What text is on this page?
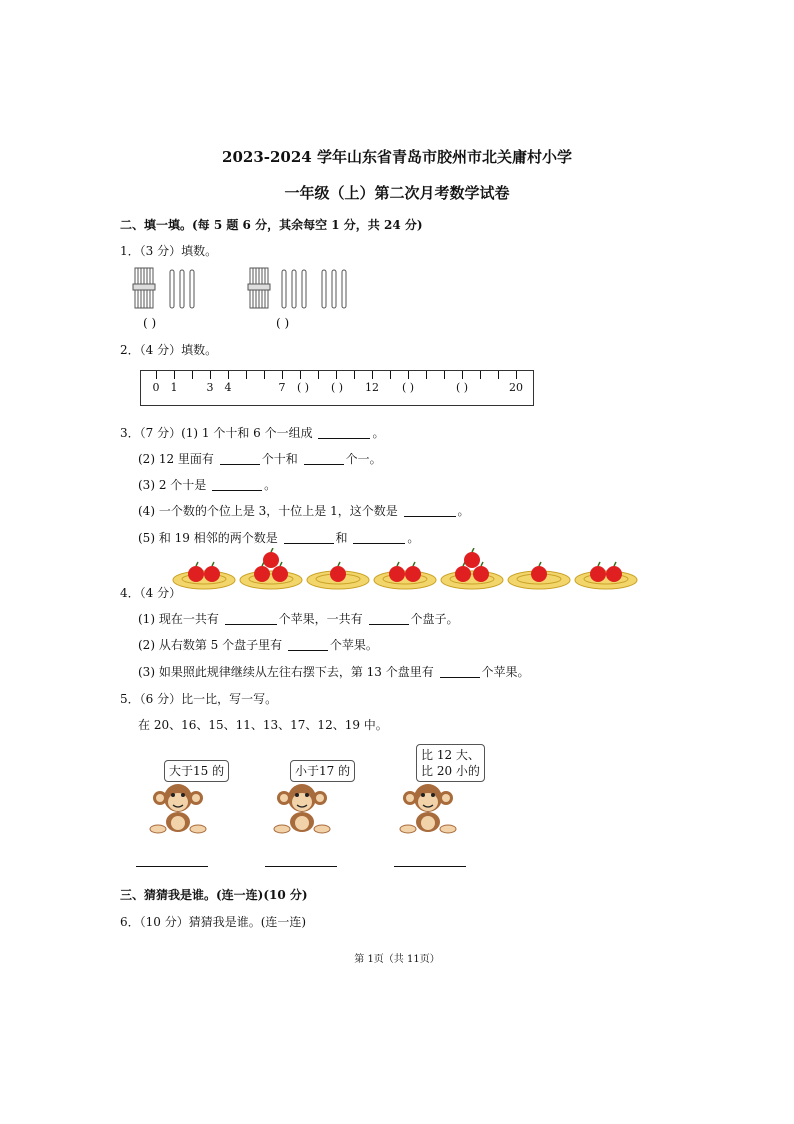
2023-2024 学年山东省青岛市胶州市北关庸村小学
一年级（上）第二次月考数学试卷
二、填一填。(每 5 题 6 分，其余每空 1 分，共 24 分)
1．（3 分）填数。
( )	( )
2．（4 分）填数。
0 1	3 4	7 ( ) ( ) 12 ( )	( )	20
3．（7 分）(1) 1 个十和 6 个一组成	。
(2) 12 里面有	个十和	个一。
(3) 2 个十是	。
(4) 一个数的个位上是 3，十位上是 1，这个数是	。
(5) 和 19 相邻的两个数是	和	。
4．（4 分）
(1) 现在一共有	个苹果，一共有	个盘子。
(2) 从右数第 5 个盘子里有	个苹果。
(3) 如果照此规律继续从左往右摆下去，第 13 个盘里有	个苹果。
5．（6 分）比一比，写一写。
在 20、16、15、11、13、17、12、19 中。
大于15 的	小于17 的
比 12 大、
比 20 小的
三、猜猜我是谁。(连一连)(10 分)
6．（10 分）猜猜我是谁。(连一连)
第 1页（共 11页）
